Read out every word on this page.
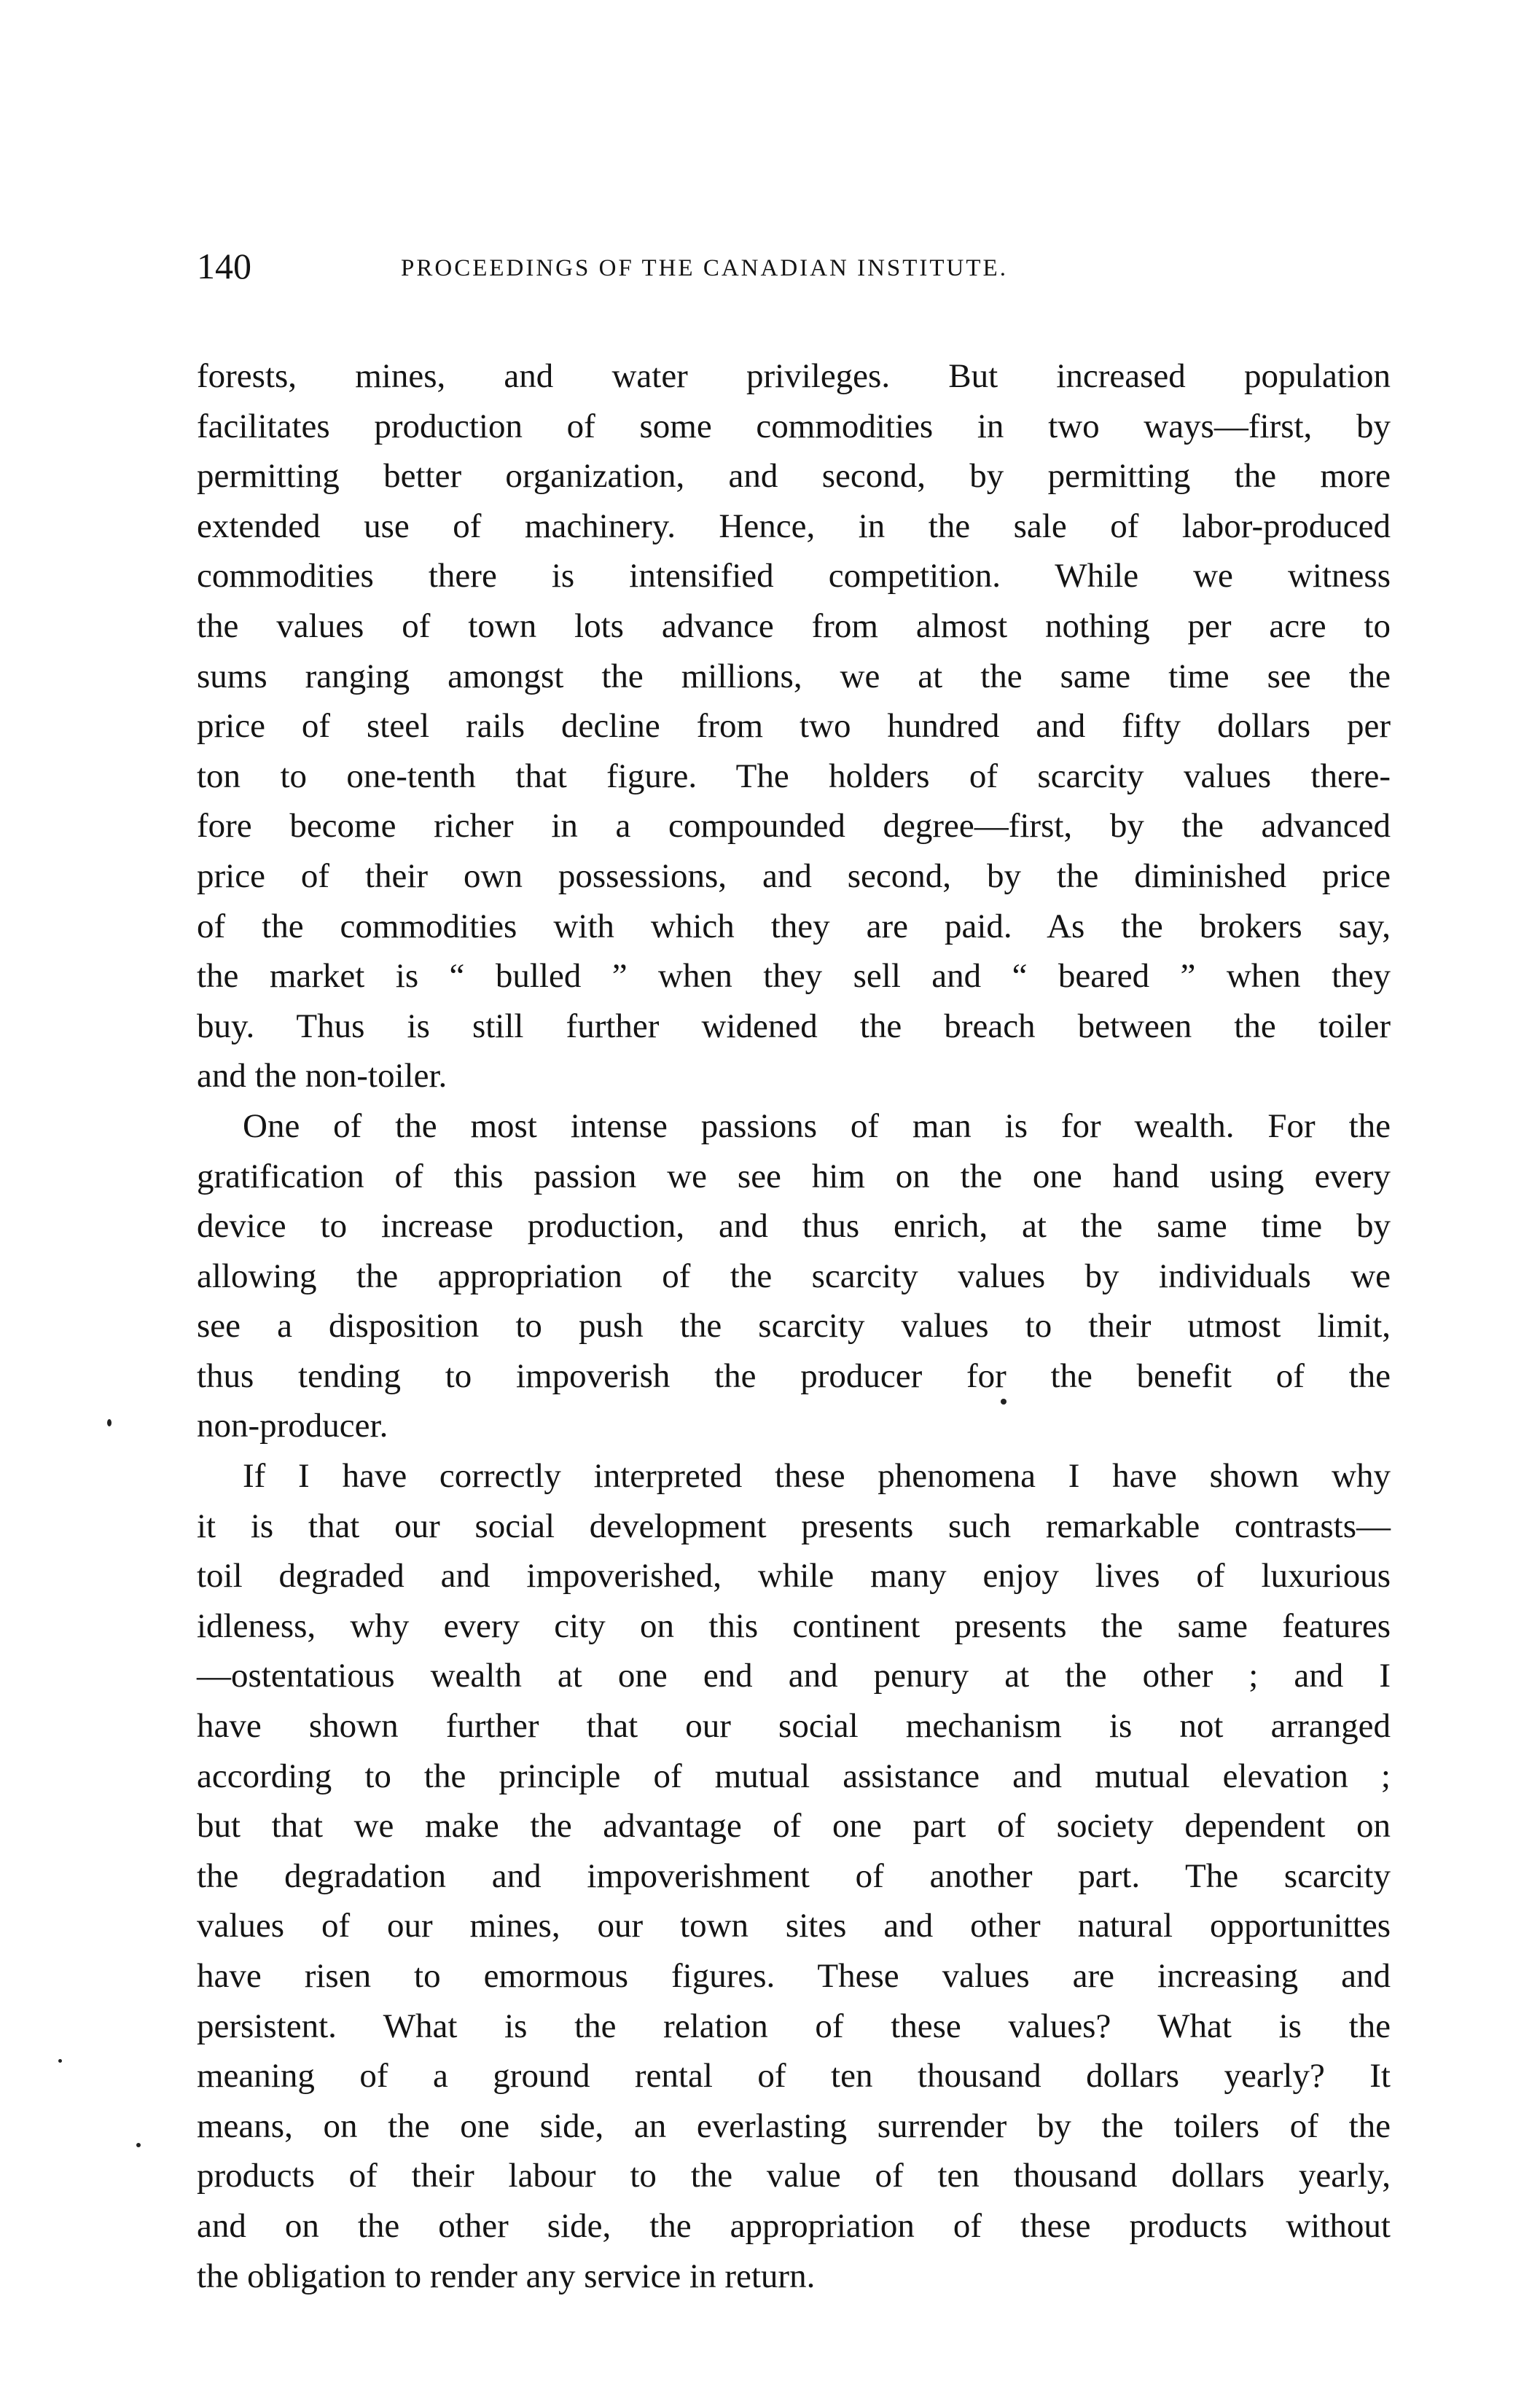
140	PROCEEDINGS OF THE CANADIAN INSTITUTE.
forests, mines, and water privileges. But increased population
facilitates production of some commodities in two ways—first, by
permitting better organization, and second, by permitting the more
extended use of machinery. Hence, in the sale of labor-produced
commodities there is intensified competition. While we witness
the values of town lots advance from almost nothing per acre to
sums ranging amongst the millions, we at the same time see the
price of steel rails decline from two hundred and fifty dollars per
ton to one-tenth that figure. The holders of scarcity values there-
fore become richer in a compounded degree—first, by the advanced
price of their own possessions, and second, by the diminished price
of the commodities with which they are paid. As the brokers say,
the market is “ bulled ” when they sell and “ beared ” when they
buy. Thus is still further widened the breach between the toiler
and the non-toiler.
One of the most intense passions of man is for wealth. For the
gratification of this passion we see him on the one hand using every
device to increase production, and thus enrich, at the same time by
allowing the appropriation of the scarcity values by individuals we
see a disposition to push the scarcity values to their utmost limit,
thus tending to impoverish the producer for the benefit of the
non-producer.
If I have correctly interpreted these phenomena I have shown why
it is that our social development presents such remarkable contrasts—
toil degraded and impoverished, while many enjoy lives of luxurious
idleness, why every city on this continent presents the same features
—ostentatious wealth at one end and penury at the other ; and I
have shown further that our social mechanism is not arranged
according to the principle of mutual assistance and mutual elevation ;
but that we make the advantage of one part of society dependent on
the degradation and impoverishment of another part. The scarcity
values of our mines, our town sites and other natural opportunittes
have risen to emormous figures. These values are increasing and
persistent. What is the relation of these values? What is the
meaning of a ground rental of ten thousand dollars yearly? It
means, on the one side, an everlasting surrender by the toilers of the
products of their labour to the value of ten thousand dollars yearly,
and on the other side, the appropriation of these products without
the obligation to render any service in return.
